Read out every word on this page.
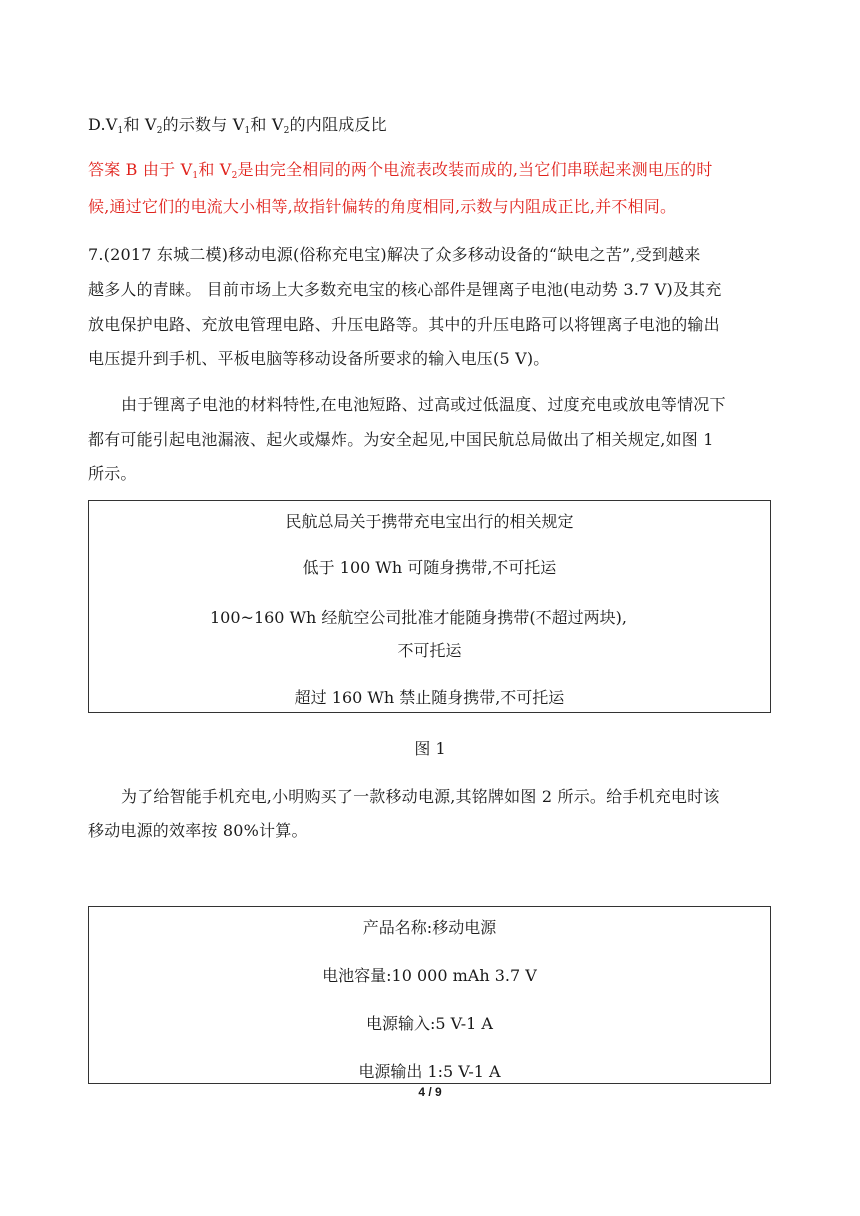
$D.V_1$和 $V_2$的示数与 $V_1$和 $V_2$的内阻成反比
答案 B 由于 $V_1$和 $V_2$是由完全相同的两个电流表改装而成的,当它们串联起来测电压的时
候,通过它们的电流大小相等,故指针偏转的角度相同,示数与内阻成正比,并不相同。
7.(2017 东城二模)移动电源(俗称充电宝)解决了众多移动设备的“缺电之苦”,受到越来
越多人的青睐。 目前市场上大多数充电宝的核心部件是锂离子电池(电动势 3.7 V)及其充
放电保护电路、充放电管理电路、升压电路等。其中的升压电路可以将锂离子电池的输出
电压提升到手机、平板电脑等移动设备所要求的输入电压(5 V)。
由于锂离子电池的材料特性,在电池短路、过高或过低温度、过度充电或放电等情况下
都有可能引起电池漏液、起火或爆炸。为安全起见,中国民航总局做出了相关规定,如图 1
所示。
民航总局关于携带充电宝出行的相关规定
低于 100 Wh 可随身携带,不可托运
100~160 Wh 经航空公司批准才能随身携带(不超过两块),
不可托运
超过 160 Wh 禁止随身携带,不可托运
图 1
为了给智能手机充电,小明购买了一款移动电源,其铭牌如图 2 所示。给手机充电时该
移动电源的效率按 80%计算。
产品名称:移动电源
电池容量:10 000 mAh 3.7 V
电源输入:5 V-1 A
电源输出 1:5 V-1 A
4 / 9
